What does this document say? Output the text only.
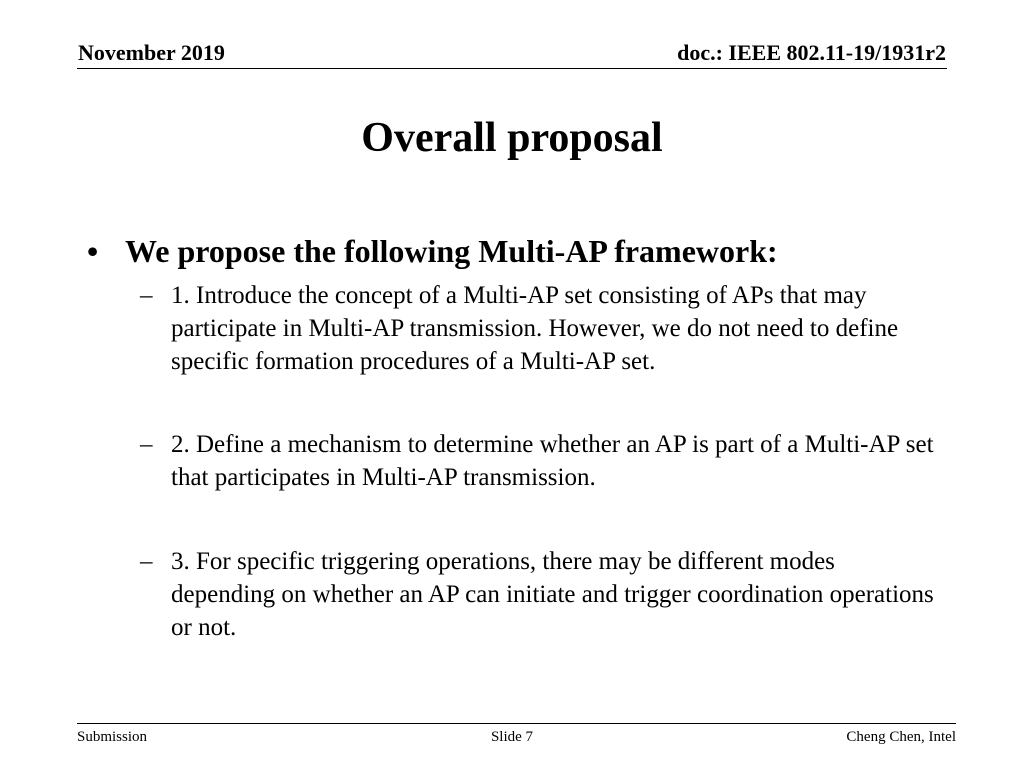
November 2019	doc.: IEEE 802.11-19/1931r2
Overall proposal
• We propose the following Multi-AP framework:
– 1. Introduce the concept of a Multi-AP set consisting of APs that may participate in Multi-AP transmission. However, we do not need to define specific formation procedures of a Multi-AP set.
– 2. Define a mechanism to determine whether an AP is part of a Multi-AP set that participates in Multi-AP transmission.
– 3. For specific triggering operations, there may be different modes depending on whether an AP can initiate and trigger coordination operations or not.
Submission	Slide 7	Cheng Chen, Intel
